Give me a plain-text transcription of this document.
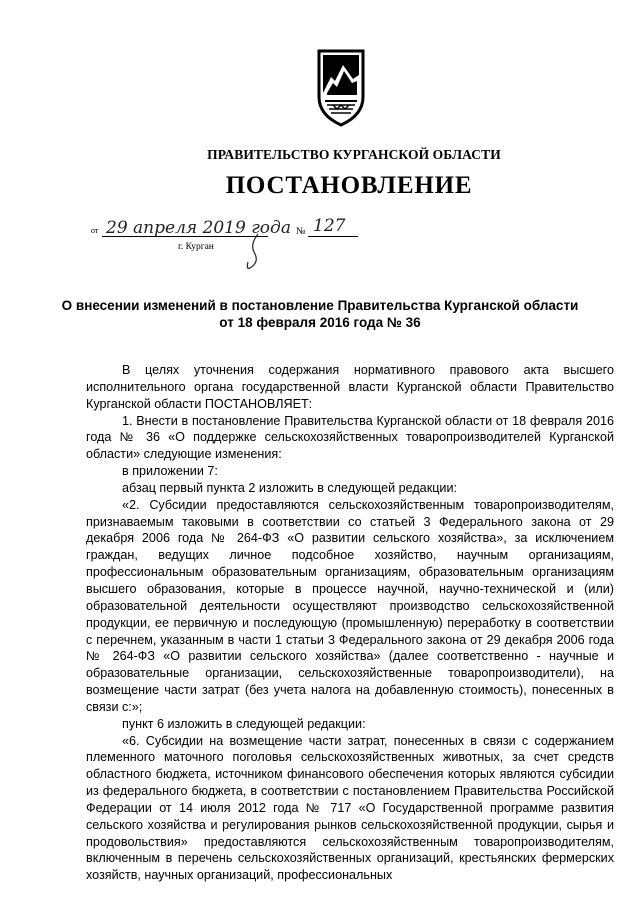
ПРАВИТЕЛЬСТВО КУРГАНСКОЙ ОБЛАСТИ
ПОСТАНОВЛЕНИЕ
от 29 апреля 2019 года № 127
г. Курган
О внесении изменений в постановление Правительства Курганской области
от 18 февраля 2016 года № 36

В целях уточнения содержания нормативного правового акта высшего исполнительного органа государственной власти Курганской области Правительство Курганской области ПОСТАНОВЛЯЕТ:

1. Внести в постановление Правительства Курганской области от 18 февраля 2016 года № 36 «О поддержке сельскохозяйственных товаропроизводителей Курганской области» следующие изменения:

в приложении 7:

абзац первый пункта 2 изложить в следующей редакции:

«2. Субсидии предоставляются сельскохозяйственным товаропроизводителям, признаваемым таковыми в соответствии со статьей 3 Федерального закона от 29 декабря 2006 года № 264-ФЗ «О развитии сельского хозяйства», за исключением граждан, ведущих личное подсобное хозяйство, научным организациям, профессиональным образовательным организациям, образовательным организациям высшего образования, которые в процессе научной, научно-технической и (или) образовательной деятельности осуществляют производство сельскохозяйственной продукции, ее первичную и последующую (промышленную) переработку в соответствии с перечнем, указанным в части 1 статьи 3 Федерального закона от 29 декабря 2006 года № 264-ФЗ «О развитии сельского хозяйства» (далее соответственно - научные и образовательные организации, сельскохозяйственные товаропроизводители), на возмещение части затрат (без учета налога на добавленную стоимость), понесенных в связи с:»;

пункт 6 изложить в следующей редакции:

«6. Субсидии на возмещение части затрат, понесенных в связи с содержанием племенного маточного поголовья сельскохозяйственных животных, за счет средств областного бюджета, источником финансового обеспечения которых являются субсидии из федерального бюджета, в соответствии с постановлением Правительства Российской Федерации от 14 июля 2012 года № 717 «О Государственной программе развития сельского хозяйства и регулирования рынков сельскохозяйственной продукции, сырья и продовольствия» предоставляются сельскохозяйственным товаропроизводителям, включенным в перечень сельскохозяйственных организаций, крестьянских фермерских хозяйств, научных организаций, профессиональных
